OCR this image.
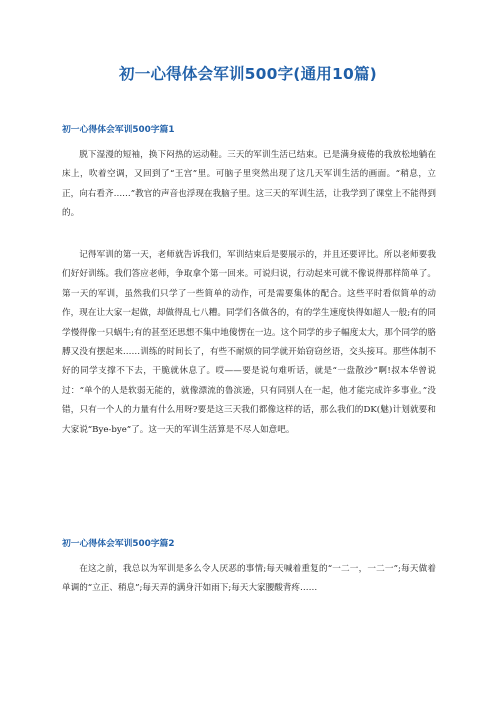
初一心得体会军训500字(通用10篇)
初一心得体会军训500字篇1

脱下湿漫的短袖，换下闷热的运动鞋。三天的军训生活已结束。已是满身疲倦的我放松地躺在床上，吹着空调，又回到了“王宫”里。可脑子里突然出现了这几天军训生活的画面。“稍息，立正，向右看齐……”教官的声音也浮现在我脑子里。这三天的军训生活，让我学到了课堂上不能得到的。

记得军训的第一天，老师就告诉我们，军训结束后是要展示的，并且还要评比。所以老师要我们好好训练。我们答应老师，争取拿个第一回来。可说归说，行动起来可就不像说得那样简单了。第一天的军训，虽然我们只学了一些简单的动作，可是需要集体的配合。这些平时看似简单的动作，现在让大家一起做，却做得乱七八糟。同学们各做各的，有的学生速度快得如超人一般;有的同学慢得像一只蜗牛;有的甚至还思想不集中地傻愣在一边。这个同学的步子幅度太大，那个同学的胳膊又没有摆起来……训练的时间长了，有些不耐烦的同学就开始窃窃丝语，交头接耳。那些体制不好的同学支撑不下去，干脆就休息了。哎——要是说句难听话，就是“一盘散沙”啊!叔本华曾说过：“单个的人是软弱无能的，就像漂流的鲁滨逊，只有同别人在一起，他才能完成许多事业。”没错，只有一个人的力量有什么用呀?要是这三天我们都像这样的话，那么我们的DK(魅)计划就要和大家说“Bye-bye”了。这一天的军训生活算是不尽人如意吧。

初一心得体会军训500字篇2

在这之前，我总以为军训是多么令人厌恶的事情;每天喊着重复的“一二一，一二一”;每天做着单调的“立正、稍息”;每天弄的满身汗如雨下;每天大家腰酸背疼……
